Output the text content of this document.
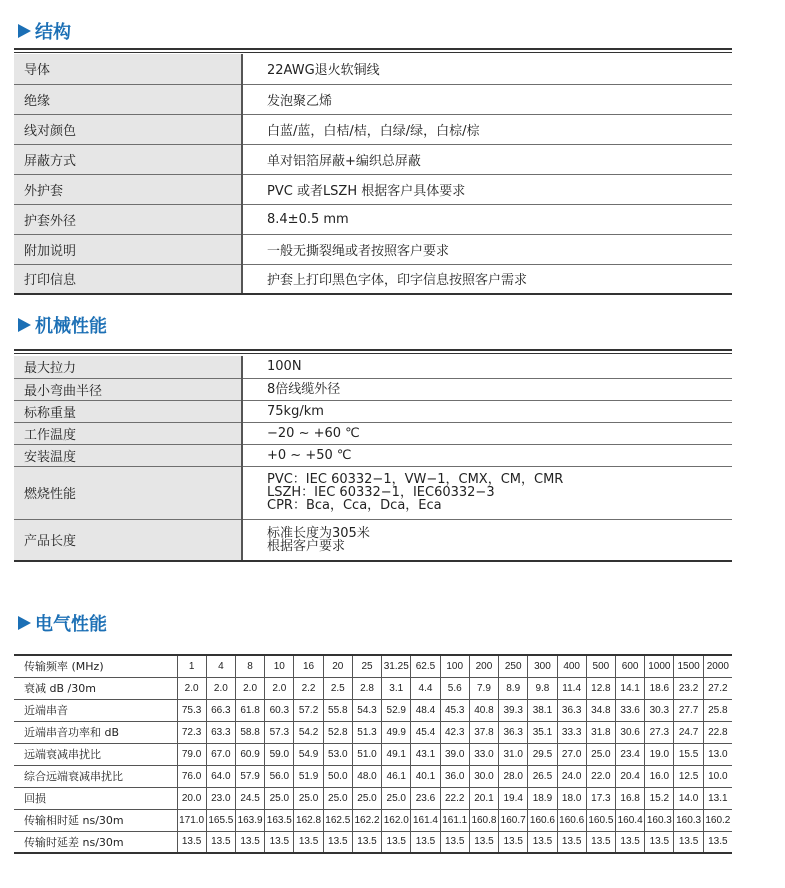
结构
导体	22AWG退火软铜线
绝缘	发泡聚乙烯
线对颜色	白蓝/蓝，白桔/桔，白绿/绿，白棕/棕
屏蔽方式	单对铝箔屏蔽+编织总屏蔽
外护套	PVC 或者LSZH 根据客户具体要求
护套外径	8.4±0.5 mm
附加说明	一般无撕裂绳或者按照客户要求
打印信息	护套上打印黑色字体，印字信息按照客户需求
机械性能
最大拉力	100N
最小弯曲半径	8倍线缆外径
标称重量	75kg/km
工作温度	−20 ~ +60 ℃
安装温度	+0 ~ +50 ℃
燃烧性能	PVC：IEC 60332−1，VW−1，CMX，CM，CMR
LSZH：IEC 60332−1，IEC60332−3
CPR：Bca，Cca，Dca，Eca

产品长度	标准长度为305米
根据客户要求
电气性能
传输频率 (MHz)	1	4	8	10	16	20	25	31.25	62.5	100	200	250	300	400	500	600	1000	1500	2000
衰减 dB /30m	2.0	2.0	2.0	2.0	2.2	2.5	2.8	3.1	4.4	5.6	7.9	8.9	9.8	11.4	12.8	14.1	18.6	23.2	27.2
近端串音	75.3	66.3	61.8	60.3	57.2	55.8	54.3	52.9	48.4	45.3	40.8	39.3	38.1	36.3	34.8	33.6	30.3	27.7	25.8
近端串音功率和 dB	72.3	63.3	58.8	57.3	54.2	52.8	51.3	49.9	45.4	42.3	37.8	36.3	35.1	33.3	31.8	30.6	27.3	24.7	22.8
远端衰减串扰比	79.0	67.0	60.9	59.0	54.9	53.0	51.0	49.1	43.1	39.0	33.0	31.0	29.5	27.0	25.0	23.4	19.0	15.5	13.0
综合远端衰减串扰比	76.0	64.0	57.9	56.0	51.9	50.0	48.0	46.1	40.1	36.0	30.0	28.0	26.5	24.0	22.0	20.4	16.0	12.5	10.0
回损	20.0	23.0	24.5	25.0	25.0	25.0	25.0	25.0	23.6	22.2	20.1	19.4	18.9	18.0	17.3	16.8	15.2	14.0	13.1
传输相时延 ns/30m	171.0	165.5	163.9	163.5	162.8	162.5	162.2	162.0	161.4	161.1	160.8	160.7	160.6	160.6	160.5	160.4	160.3	160.3	160.2
传输时延差 ns/30m	13.5	13.5	13.5	13.5	13.5	13.5	13.5	13.5	13.5	13.5	13.5	13.5	13.5	13.5	13.5	13.5	13.5	13.5	13.5
